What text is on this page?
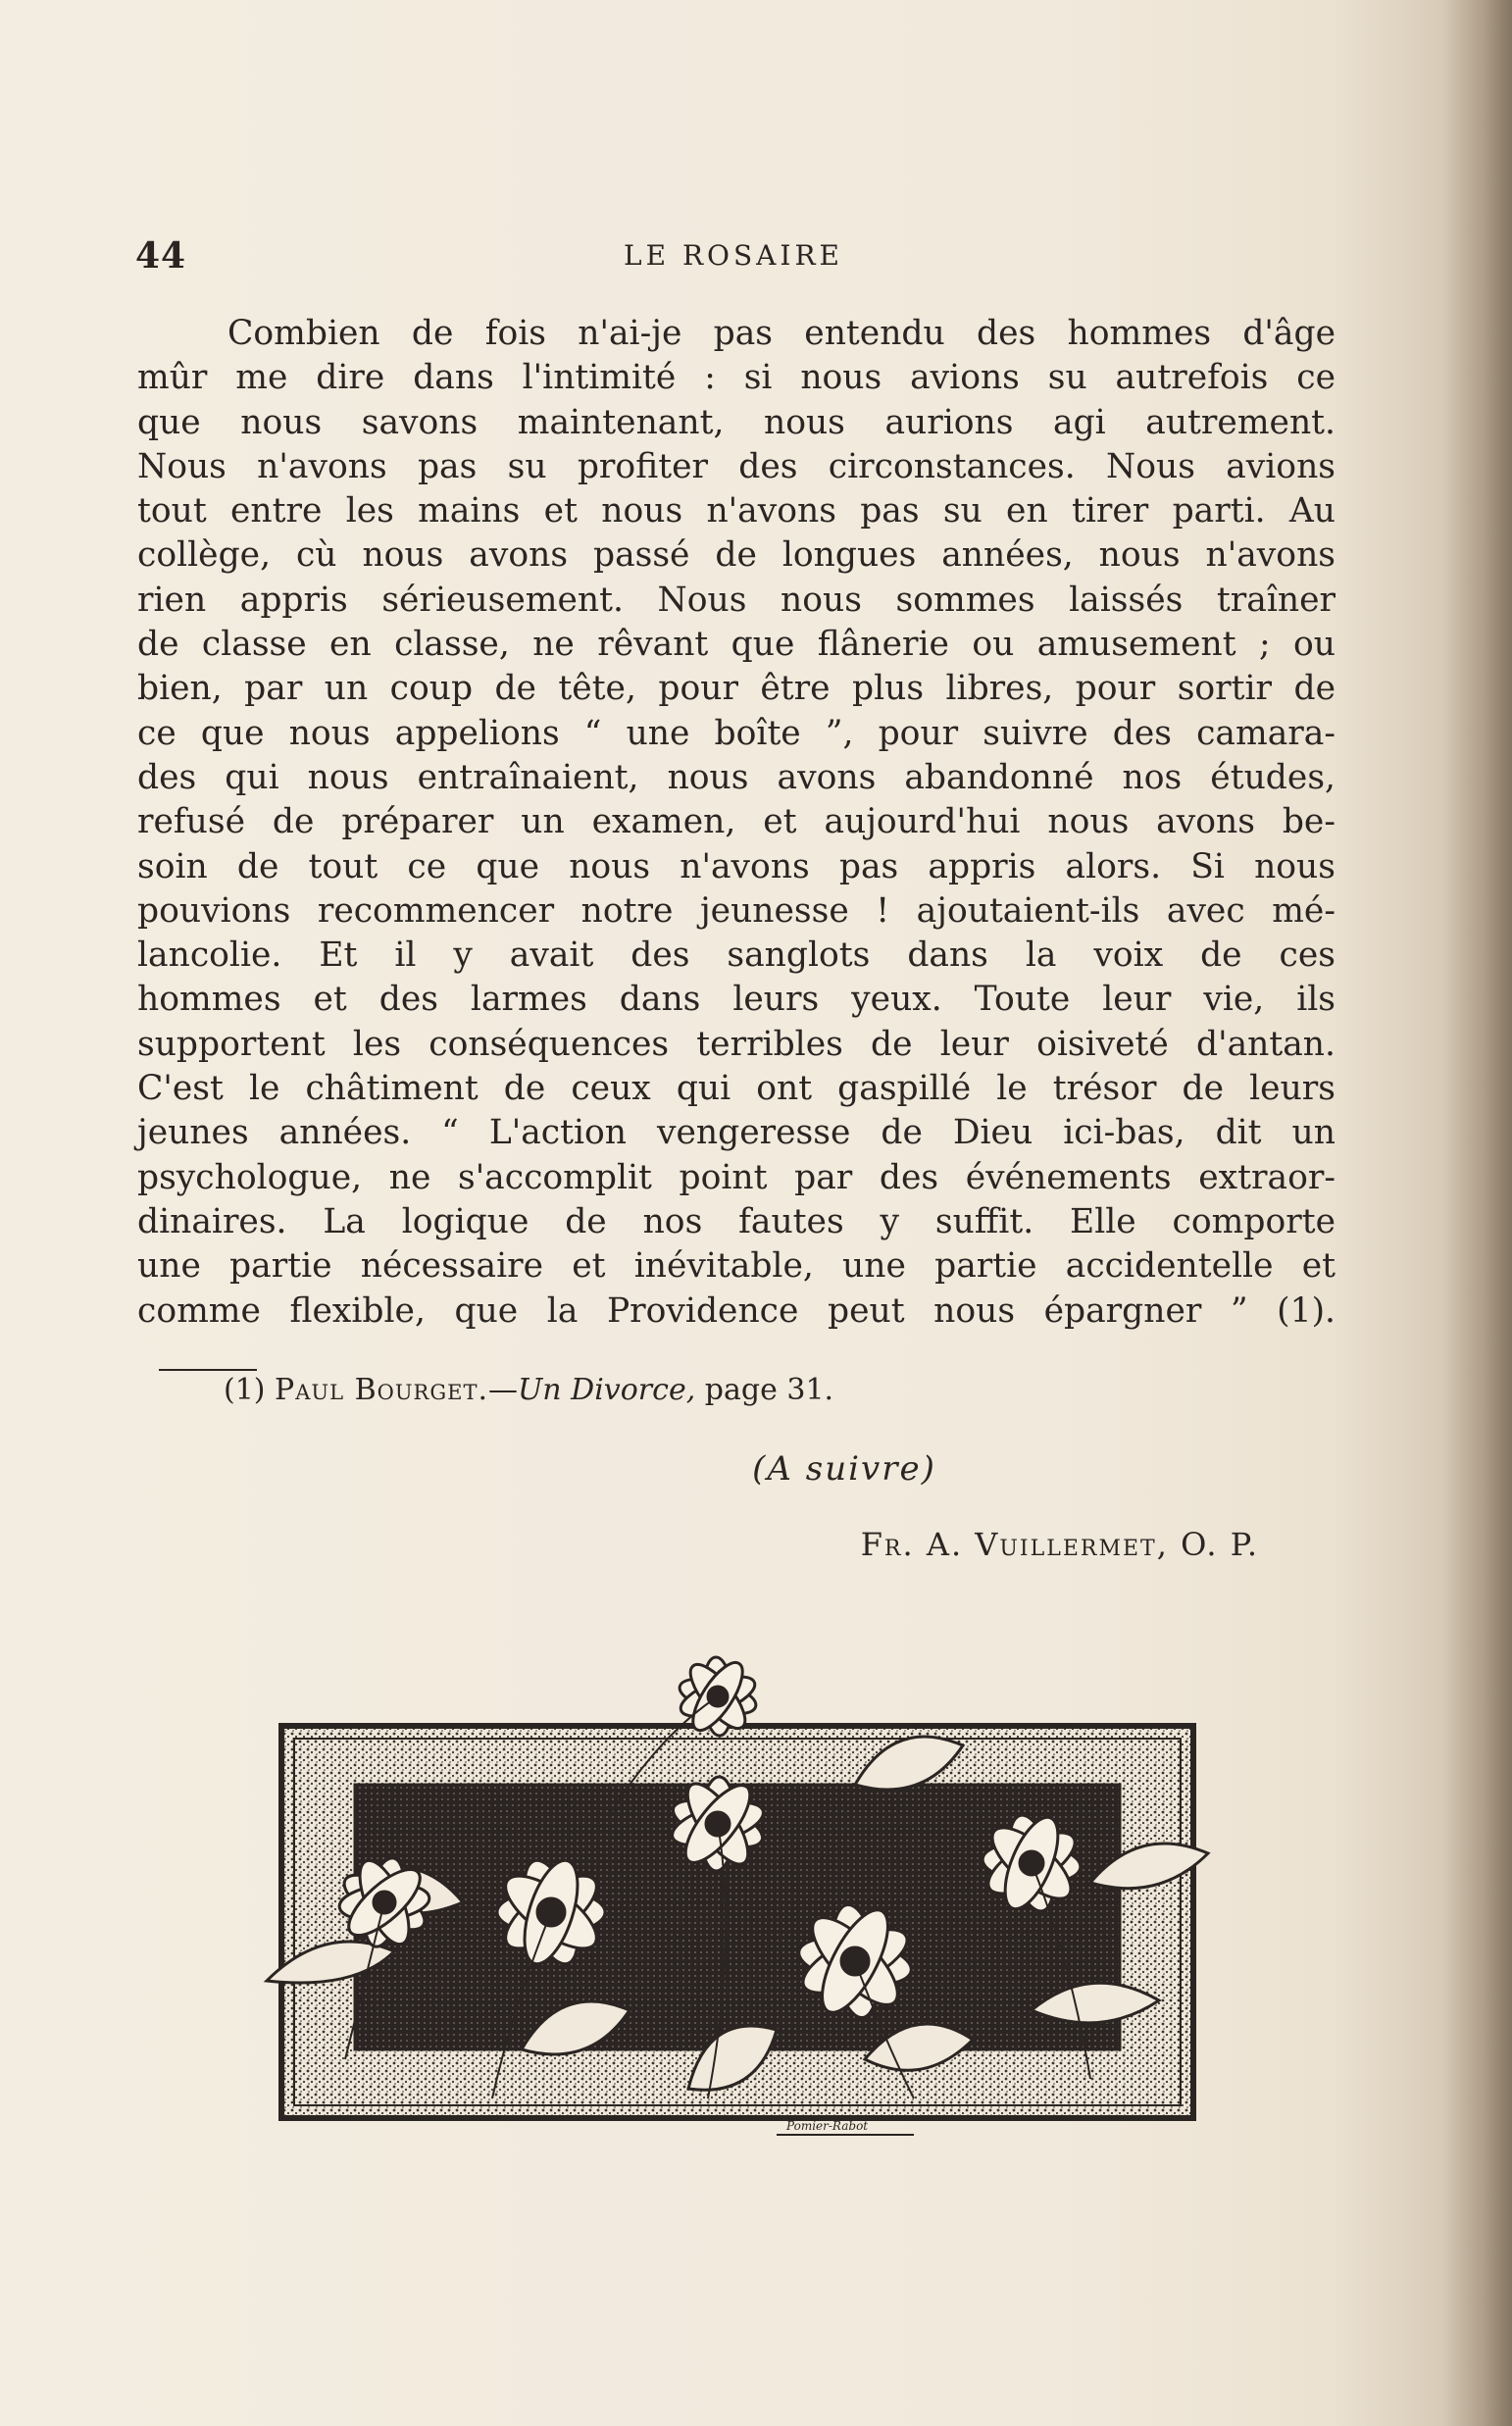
44	LE ROSAIRE
Combien de fois n'ai-je pas entendu des hommes d'âge
mûr me dire dans l'intimité : si nous avions su autrefois ce
que nous savons maintenant, nous aurions agi autrement.
Nous n'avons pas su profiter des circonstances. Nous avions
tout entre les mains et nous n'avons pas su en tirer parti. Au
collège, cù nous avons passé de longues années, nous n'avons
rien appris sérieusement. Nous nous sommes laissés traîner
de classe en classe, ne rêvant que flânerie ou amusement ; ou
bien, par un coup de tête, pour être plus libres, pour sortir de
ce que nous appelions “ une boîte ”, pour suivre des camara-
des qui nous entraînaient, nous avons abandonné nos études,
refusé de préparer un examen, et aujourd'hui nous avons be-
soin de tout ce que nous n'avons pas appris alors. Si nous
pouvions recommencer notre jeunesse ! ajoutaient-ils avec mé-
lancolie. Et il y avait des sanglots dans la voix de ces
hommes et des larmes dans leurs yeux. Toute leur vie, ils
supportent les conséquences terribles de leur oisiveté d'antan.
C'est le châtiment de ceux qui ont gaspillé le trésor de leurs
jeunes années. “ L'action vengeresse de Dieu ici-bas, dit un
psychologue, ne s'accomplit point par des événements extraor-
dinaires. La logique de nos fautes y suffit. Elle comporte
une partie nécessaire et inévitable, une partie accidentelle et
comme flexible, que la Providence peut nous épargner ” (1).
(1) Paul Bourget.—Un Divorce, page 31.
(A suivre)
Fr. A. Vuillermet, O. P.
Pomier-Rabot
